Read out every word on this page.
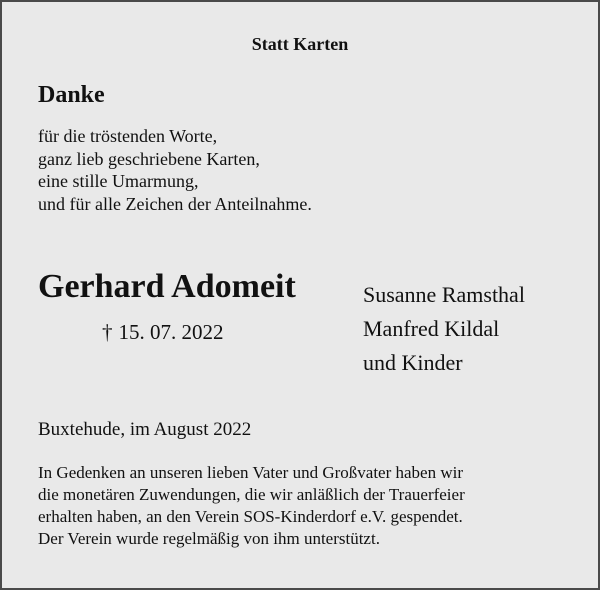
Statt Karten
Danke
für die tröstenden Worte,
ganz lieb geschriebene Karten,
eine stille Umarmung,
und für alle Zeichen der Anteilnahme.
Gerhard Adomeit
† 15. 07. 2022
Susanne Ramsthal
Manfred Kildal
und Kinder
Buxtehude, im August 2022
In Gedenken an unseren lieben Vater und Großvater haben wir
die monetären Zuwendungen, die wir anläßlich der Trauerfeier
erhalten haben, an den Verein SOS-Kinderdorf e.V. gespendet.
Der Verein wurde regelmäßig von ihm unterstützt.
